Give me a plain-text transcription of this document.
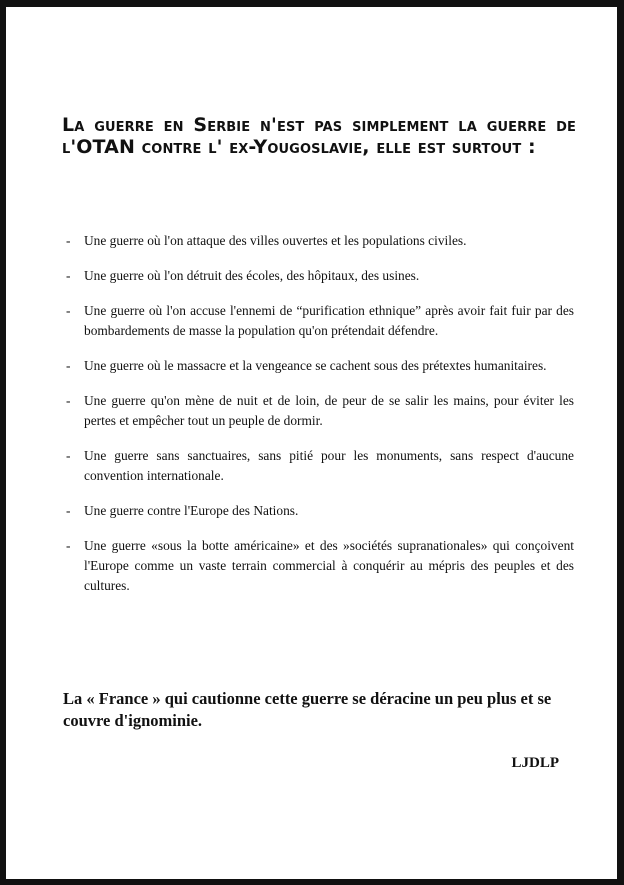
La guerre en Serbie n'est pas simplement la guerre de l'OTAN contre l' ex-Yougoslavie, elle est surtout :
-	Une guerre où l'on attaque des villes ouvertes et les populations civiles.
-	Une guerre où l'on détruit des écoles, des hôpitaux, des usines.
-	Une guerre où l'on accuse l'ennemi de “purification ethnique” après avoir fait fuir par des bombardements de masse la population qu'on prétendait défendre.
-	Une guerre où le massacre et la vengeance se cachent sous des prétextes humanitaires.
-	Une guerre qu'on mène de nuit et de loin, de peur de se salir les mains, pour éviter les pertes et empêcher tout un peuple de dormir.
-	Une guerre sans sanctuaires, sans pitié pour les monuments, sans respect d'aucune convention internationale.
-	Une guerre contre l'Europe des Nations.
-	Une guerre «sous la botte américaine» et des »sociétés supranationales» qui conçoivent l'Europe comme un vaste terrain commercial à conquérir au mépris des peuples et des cultures.

La « France » qui cautionne cette guerre se déracine un peu plus et se couvre d'ignominie.

LJDLP
